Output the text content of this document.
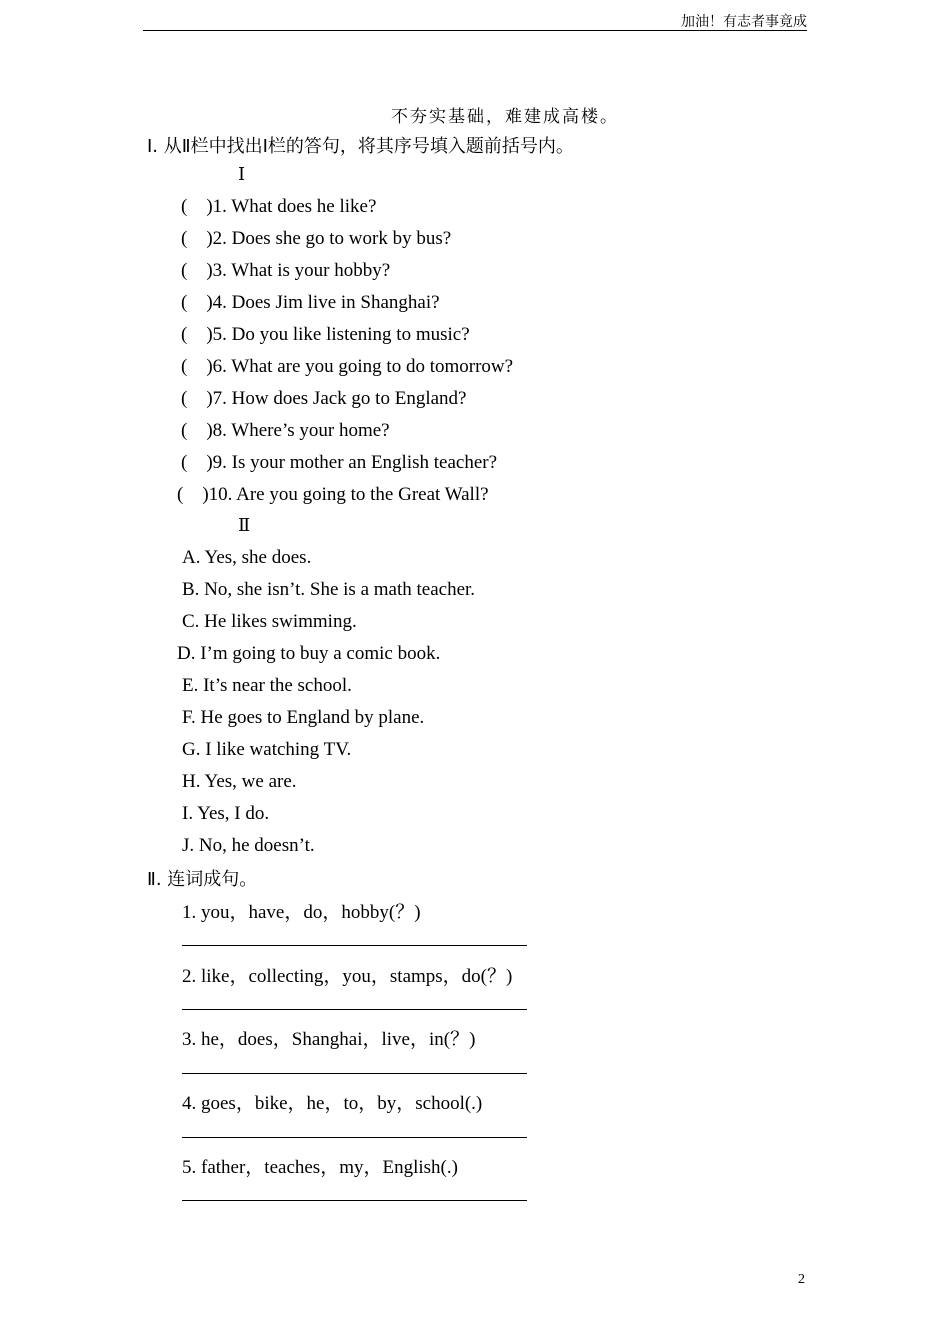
加油！有志者事竟成
不夯实基础，难建成高楼。
Ⅰ. 从Ⅱ栏中找出Ⅰ栏的答句，将其序号填入题前括号内。
Ⅰ
(    )1. What does he like?
(    )2. Does she go to work by bus?
(    )3. What is your hobby?
(    )4. Does Jim live in Shanghai?
(    )5. Do you like listening to music?
(    )6. What are you going to do tomorrow?
(    )7. How does Jack go to England?
(    )8. Where’s your home?
(    )9. Is your mother an English teacher?
(    )10. Are you going to the Great Wall?
Ⅱ
A. Yes, she does.
B. No, she isn’t. She is a math teacher.
C. He likes swimming.
D. I’m going to buy a comic book.
E. It’s near the school.
F. He goes to England by plane.
G. I like watching TV.
H. Yes, we are.
I. Yes, I do.
J. No, he doesn’t.
Ⅱ. 连词成句。
1. you，have，do，hobby(？)
2. like，collecting，you，stamps，do(？)
3. he，does，Shanghai，live，in(？)
4. goes，bike，he，to，by，school(.)
5. father，teaches，my，English(.)
2
